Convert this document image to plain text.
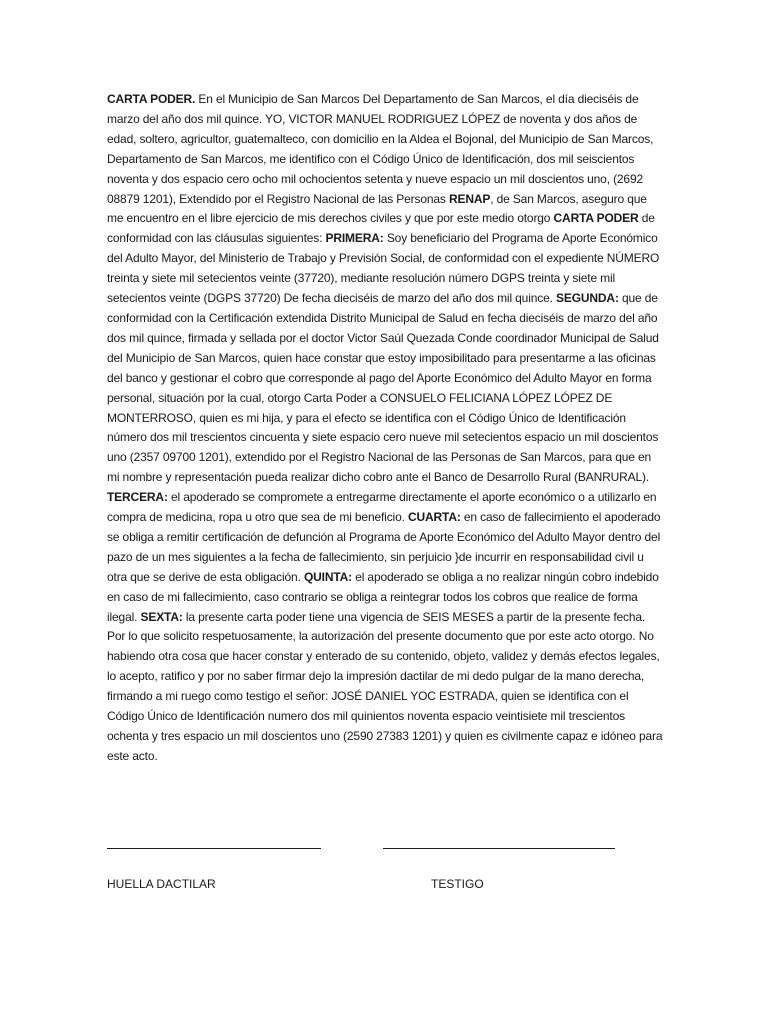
CARTA PODER. En el Municipio de San Marcos Del Departamento de San Marcos, el día dieciséis de marzo del año dos mil quince. YO, VICTOR MANUEL RODRIGUEZ LÓPEZ de noventa y dos años de edad, soltero, agricultor, guatemalteco, con domicilio en la Aldea el Bojonal, del Municipio de San Marcos, Departamento de San Marcos, me identifico con el Código Único de Identificación, dos mil seiscientos noventa y dos espacio cero ocho mil ochocientos setenta y nueve espacio un mil doscientos uno, (2692 08879 1201), Extendido por el Registro Nacional de las Personas RENAP, de San Marcos, aseguro que me encuentro en el libre ejercicio de mis derechos civiles y que por este medio otorgo CARTA PODER de conformidad con las cláusulas siguientes: PRIMERA: Soy beneficiario del Programa de Aporte Económico del Adulto Mayor, del Ministerio de Trabajo y Previsión Social, de conformidad con el expediente NÚMERO treinta y siete mil setecientos veinte (37720), mediante resolución número DGPS treinta y siete mil setecientos veinte (DGPS 37720) De fecha dieciséis de marzo del año dos mil quince. SEGUNDA: que de conformidad con la Certificación extendida Distrito Municipal de Salud en fecha dieciséis de marzo del año dos mil quince, firmada y sellada por el doctor Victor Saúl Quezada Conde coordinador Municipal de Salud del Municipio de San Marcos, quien hace constar que estoy imposibilitado para presentarme a las oficinas del banco y gestionar el cobro que corresponde al pago del Aporte Económico del Adulto Mayor en forma personal, situación por la cual, otorgo Carta Poder a CONSUELO FELICIANA LÓPEZ LÓPEZ DE MONTERROSO, quien es mi hija, y para el efecto se identifica con el Código Único de Identificación número dos mil trescientos cincuenta y siete espacio cero nueve mil setecientos espacio un mil doscientos uno (2357 09700 1201), extendido por el Registro Nacional de las Personas de San Marcos, para que en mi nombre y representación pueda realizar dicho cobro ante el Banco de Desarrollo Rural (BANRURAL). TERCERA: el apoderado se compromete a entregarme directamente el aporte económico o a utilizarlo en compra de medicina, ropa u otro que sea de mi beneficio. CUARTA: en caso de fallecimiento el apoderado se obliga a remitir certificación de defunción al Programa de Aporte Económico del Adulto Mayor dentro del pazo de un mes siguientes a la fecha de fallecimiento, sin perjuicio }de incurrir en responsabilidad civil u otra que se derive de esta obligación. QUINTA: el apoderado se obliga a no realizar ningún cobro indebido en caso de mi fallecimiento, caso contrario se obliga a reintegrar todos los cobros que realice de forma ilegal. SEXTA: la presente carta poder tiene una vigencia de SEIS MESES a partir de la presente fecha. Por lo que solicito respetuosamente, la autorización del presente documento que por este acto otorgo. No habiendo otra cosa que hacer constar y enterado de su contenido, objeto, validez y demás efectos legales, lo acepto, ratifico y por no saber firmar dejo la impresión dactilar de mi dedo pulgar de la mano derecha, firmando a mi ruego como testigo el señor: JOSÉ DANIEL YOC ESTRADA, quien se identifica con el Código Único de Identificación numero dos mil quinientos noventa espacio veintisiete mil trescientos ochenta y tres espacio un mil doscientos uno (2590 27383 1201) y quien es civilmente capaz e idóneo para este acto.
HUELLA DACTILAR	TESTIGO
